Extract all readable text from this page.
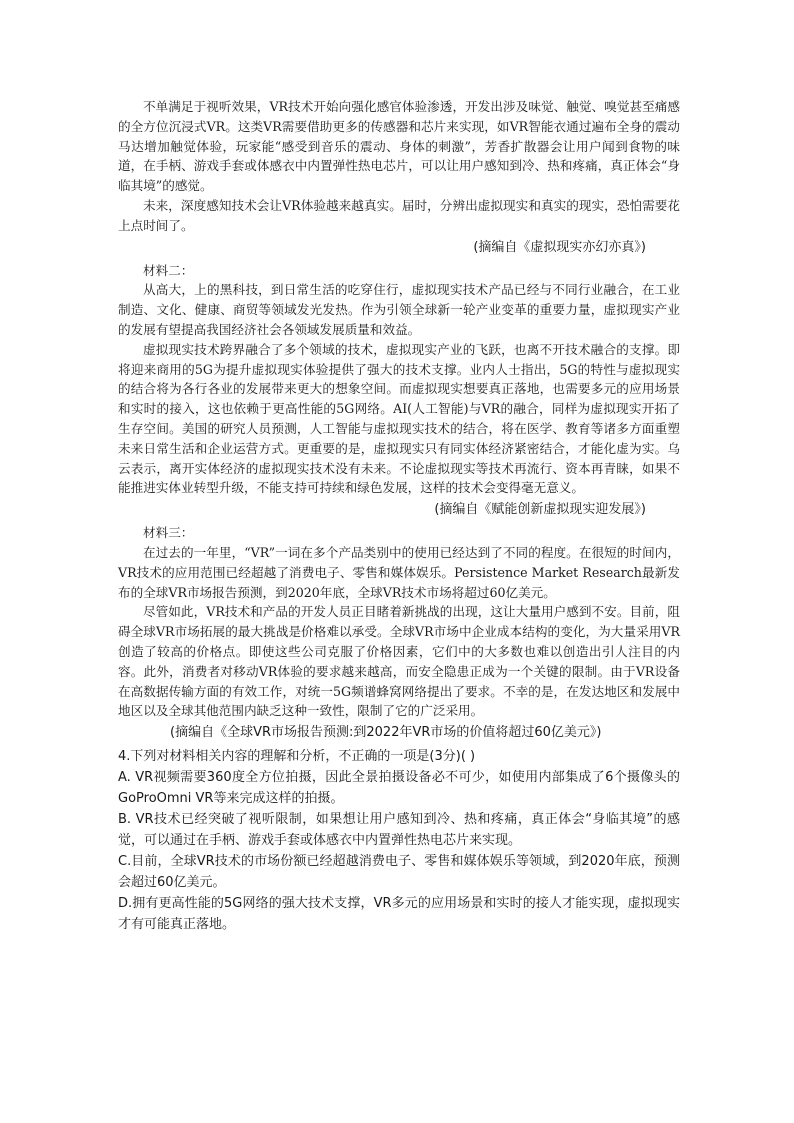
不单满足于视听效果，VR技术开始向强化感官体验渗透，开发出涉及味觉、触觉、嗅觉甚至痛感的全方位沉浸式VR。这类VR需要借助更多的传感器和芯片来实现，如VR智能衣通过遍布全身的震动马达增加触觉体验，玩家能“感受到音乐的震动、身体的刺激”，芳香扩散器会让用户闻到食物的味道，在手柄、游戏手套或体感衣中内置弹性热电芯片，可以让用户感知到冷、热和疼痛，真正体会“身临其境”的感觉。

未来，深度感知技术会让VR体验越来越真实。届时，分辨出虚拟现实和真实的现实，恐怕需要花上点时间了。

(摘编自《虚拟现实亦幻亦真》)

材料二：

从高大，上的黑科技，到日常生活的吃穿住行，虚拟现实技术产品已经与不同行业融合，在工业制造、文化、健康、商贸等领域发光发热。作为引领全球新一轮产业变革的重要力量，虚拟现实产业的发展有望提高我国经济社会各领域发展质量和效益。

虚拟现实技术跨界融合了多个领域的技术，虚拟现实产业的飞跃，也离不开技术融合的支撑。即将迎来商用的5G为提升虚拟现实体验提供了强大的技术支撑。业内人士指出，5G的特性与虚拟现实的结合将为各行各业的发展带来更大的想象空间。而虚拟现实想要真正落地，也需要多元的应用场景和实时的接入，这也依赖于更高性能的5G网络。AI(人工智能)与VR的融合，同样为虚拟现实开拓了生存空间。美国的研究人员预测，人工智能与虚拟现实技术的结合，将在医学、教育等诸多方面重塑未来日常生活和企业运营方式。更重要的是，虚拟现实只有同实体经济紧密结合，才能化虚为实。乌云表示，离开实体经济的虚拟现实技术没有未来。不论虚拟现实等技术再流行、资本再青睐，如果不能推进实体业转型升级，不能支持可持续和绿色发展，这样的技术会变得毫无意义。

(摘编自《赋能创新虚拟现实迎发展》)

材料三：

在过去的一年里，“VR”一词在多个产品类别中的使用已经达到了不同的程度。在很短的时间内，VR技术的应用范围已经超越了消费电子、零售和媒体娱乐。Persistence Market Research最新发布的全球VR市场报告预测，到2020年底，全球VR技术市场将超过60亿美元。

尽管如此，VR技术和产品的开发人员正目睹着新挑战的出现，这让大量用户感到不安。目前，阻碍全球VR市场拓展的最大挑战是价格难以承受。全球VR市场中企业成本结构的变化，为大量采用VR创造了较高的价格点。即使这些公司克服了价格因素，它们中的大多数也难以创造出引人注目的内容。此外，消费者对移动VR体验的要求越来越高，而安全隐患正成为一个关键的限制。由于VR设备在高数据传输方面的有效工作，对统一5G频谱蜂窝网络提出了要求。不幸的是，在发达地区和发展中地区以及全球其他范围内缺乏这种一致性，限制了它的广泛采用。

(摘编自《全球VR市场报告预测:到2022年VR市场的价值将超过60亿美元》)

4.下列对材料相关内容的理解和分析，不正确的一项是(3分)( )

A. VR视频需要360度全方位拍摄，因此全景拍摄设备必不可少，如使用内部集成了6个摄像头的GoProOmni VR等来完成这样的拍摄。

B. VR技术已经突破了视听限制，如果想让用户感知到冷、热和疼痛，真正体会“身临其境”的感觉，可以通过在手柄、游戏手套或体感衣中内置弹性热电芯片来实现。

C.目前，全球VR技术的市场份额已经超越消费电子、零售和媒体娱乐等领域，到2020年底，预测会超过60亿美元。

D.拥有更高性能的5G网络的强大技术支撑，VR多元的应用场景和实时的接人才能实现，虚拟现实才有可能真正落地。
